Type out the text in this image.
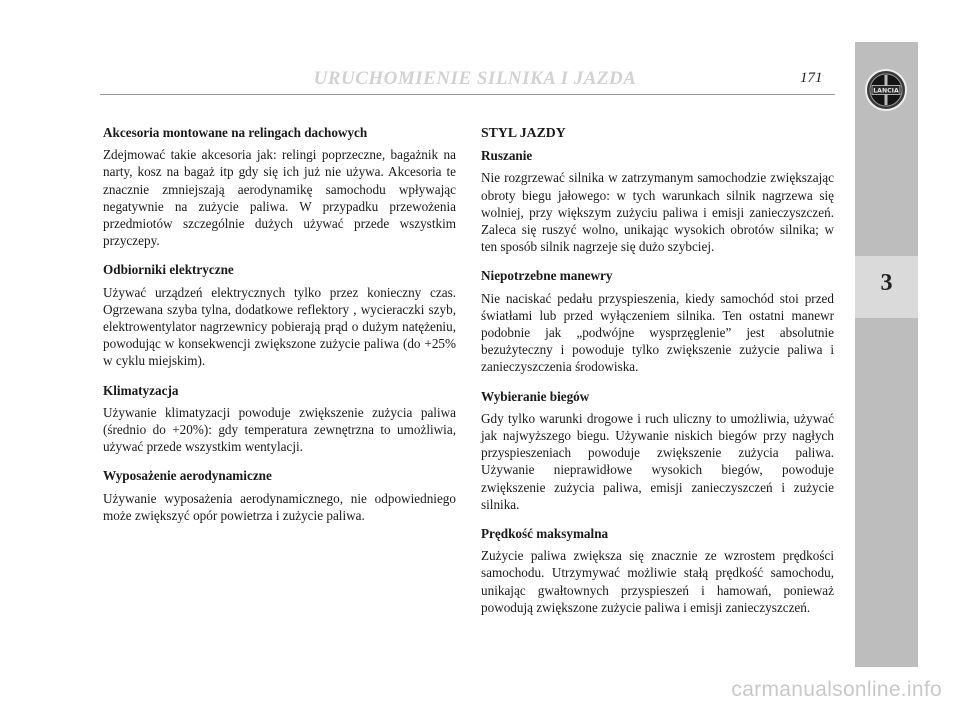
3
LANCIA
URUCHOMIENIE SILNIKA I JAZDA	171
Akcesoria montowane na relingach dachowych
Zdejmować takie akcesoria jak: relingi poprzeczne, bagażnik na narty, kosz na bagaż itp gdy się ich już nie używa. Akcesoria te znacznie zmniejszają aerodynamikę samochodu wpływając negatywnie na zużycie paliwa. W przypadku przewożenia przedmiotów szczególnie dużych używać przede wszystkim przyczepy.
Odbiorniki elektryczne
Używać urządzeń elektrycznych tylko przez konieczny czas. Ogrzewana szyba tylna, dodatkowe reflektory , wycieraczki szyb, elektrowentylator nagrzewnicy pobierają prąd o dużym natężeniu, powodując w konsekwencji zwiększone zużycie paliwa (do +25% w cyklu miejskim).
Klimatyzacja
Używanie klimatyzacji powoduje zwiększenie zużycia paliwa (średnio do +20%): gdy temperatura zewnętrzna to umożliwia, używać przede wszystkim wentylacji.
Wyposażenie aerodynamiczne
Używanie wyposażenia aerodynamicznego, nie odpowiedniego może zwiększyć opór powietrza i zużycie paliwa.
STYL JAZDY
Ruszanie
Nie rozgrzewać silnika w zatrzymanym samochodzie zwiększając obroty biegu jałowego: w tych warunkach silnik nagrzewa się wolniej, przy większym zużyciu paliwa i emisji zanieczyszczeń. Zaleca się ruszyć wolno, unikając wysokich obrotów silnika; w ten sposób silnik nagrzeje się dużo szybciej.
Niepotrzebne manewry
Nie naciskać pedału przyspieszenia, kiedy samochód stoi przed światłami lub przed wyłączeniem silnika. Ten ostatni manewr podobnie jak „podwójne wysprzęglenie” jest absolutnie bezużyteczny i powoduje tylko zwiększenie zużycie paliwa i zanieczyszczenia środowiska.
Wybieranie biegów
Gdy tylko warunki drogowe i ruch uliczny to umożliwia, używać jak najwyższego biegu. Używanie niskich biegów przy nagłych przyspieszeniach powoduje zwiększenie zużycia paliwa. Używanie nieprawidłowe wysokich biegów, powoduje zwiększenie zużycia paliwa, emisji zanieczyszczeń i zużycie silnika.
Prędkość maksymalna
Zużycie paliwa zwiększa się znacznie ze wzrostem prędkości samochodu. Utrzymywać możliwie stałą prędkość samochodu, unikając gwałtownych przyspieszeń i hamowań, ponieważ powodują zwiększone zużycie paliwa i emisji zanieczyszczeń.
carmanualsonline.info
